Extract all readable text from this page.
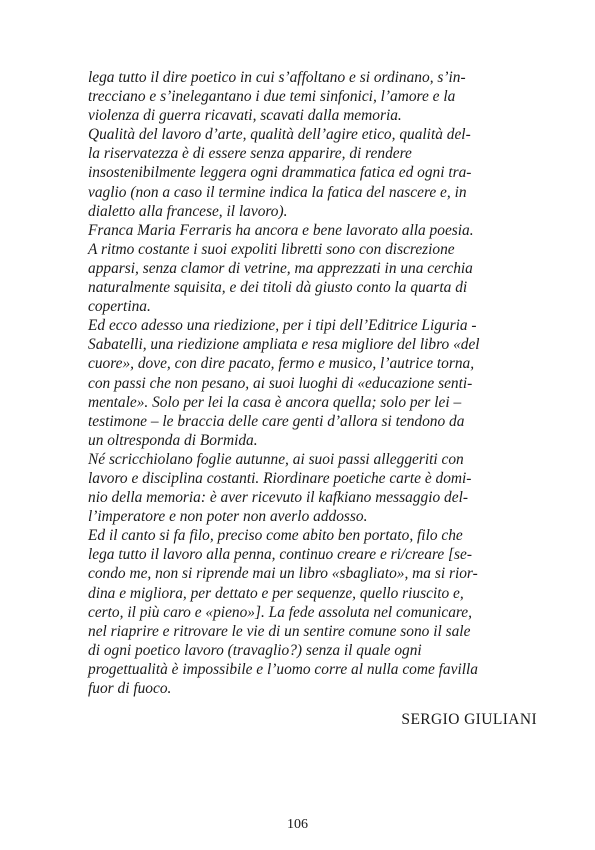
lega tutto il dire poetico in cui s’affoltano e si ordinano, s’in-
trecciano e s’inelegantano i due temi sinfonici, l’amore e la
violenza di guerra ricavati, scavati dalla memoria.
Qualità del lavoro d’arte, qualità dell’agire etico, qualità del-
la riservatezza è di essere senza apparire, di rendere
insostenibilmente leggera ogni drammatica fatica ed ogni tra-
vaglio (non a caso il termine indica la fatica del nascere e, in
dialetto alla francese, il lavoro).
Franca Maria Ferraris ha ancora e bene lavorato alla poesia.
A ritmo costante i suoi expoliti libretti sono con discrezione
apparsi, senza clamor di vetrine, ma apprezzati in una cerchia
naturalmente squisita, e dei titoli dà giusto conto la quarta di
copertina.
Ed ecco adesso una riedizione, per i tipi dell’Editrice Liguria -
Sabatelli, una riedizione ampliata e resa migliore del libro «del
cuore», dove, con dire pacato, fermo e musico, l’autrice torna,
con passi che non pesano, ai suoi luoghi di «educazione senti-
mentale». Solo per lei la casa è ancora quella; solo per lei –
testimone – le braccia delle care genti d’allora si tendono da
un oltresponda di Bormida.
Né scricchiolano foglie autunne, ai suoi passi alleggeriti con
lavoro e disciplina costanti. Riordinare poetiche carte è domi-
nio della memoria: è aver ricevuto il kafkiano messaggio del-
l’imperatore e non poter non averlo addosso.
Ed il canto si fa filo, preciso come abito ben portato, filo che
lega tutto il lavoro alla penna, continuo creare e ri/creare [se-
condo me, non si riprende mai un libro «sbagliato», ma si rior-
dina e migliora, per dettato e per sequenze, quello riuscito e,
certo, il più caro e «pieno»]. La fede assoluta nel comunicare,
nel riaprire e ritrovare le vie di un sentire comune sono il sale
di ogni poetico lavoro (travaglio?) senza il quale ogni
progettualità è impossibile e l’uomo corre al nulla come favilla
fuor di fuoco.
SERGIO GIULIANI
106
